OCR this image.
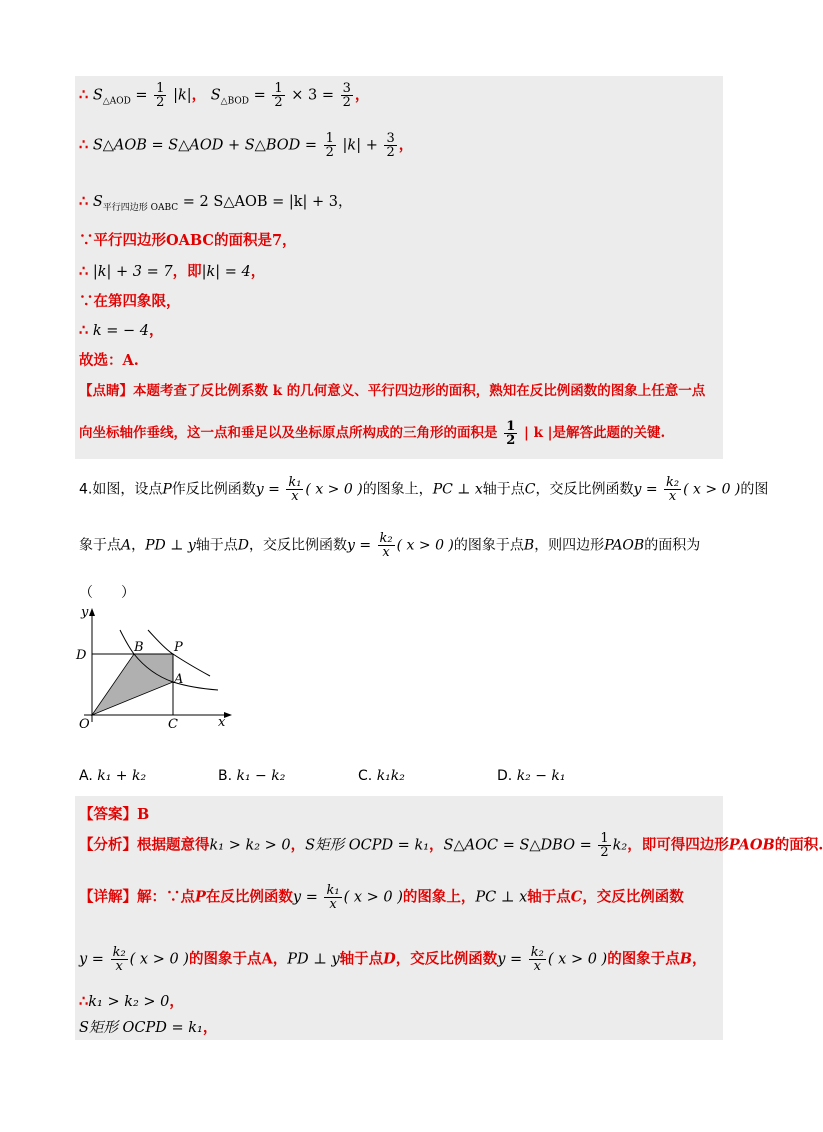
∴ $S_{\triangle AOD} = \frac{1}{2} |k|$， $S_{\triangle BOD} = \frac{1}{2} \times 3 = \frac{3}{2}$ ，
∴ S△AOB = S△AOD + S△BOD = $\frac{1}{2} |k| + \frac{3}{2}$ ，
∴ $S_{平行四边形 OABC} = 2$ S△AOB = |k| + 3，
∵平行四边形OABC的面积是7，
∴ |k| + 3 = 7，即|k| = 4，
∵在第四象限，
∴ k = − 4，
故选：A.
【点睛】本题考查了反比例系数 k 的几何意义、平行四边形的面积，熟知在反比例函数的图象上任意一点
向坐标轴作垂线，这一点和垂足以及坐标原点所构成的三角形的面积是 $\frac{1}{2}$ | k |是解答此题的关键.
4.如图，设点P作反比例函数$y = \frac{\text{k₁}}{x}$ ( x > 0 )的图象上，PC ⊥ x轴于点C，交反比例函数$y = \frac{\text{k₂}}{x}$ ( x > 0 )的图
象于点A，PD ⊥ y轴于点D，交反比例函数$y = \frac{\text{k₂}}{x}$ ( x > 0 )的图象于点B，则四边形PAOB的面积为
（　　）
y
x
O
D
B P
A
C
A. k₁ + k₂	B. k₁ − k₂	C. k₁k₂	D. k₂ − k₁
【答案】B
【分析】根据题意得k₁ > k₂ > 0，S矩形 OCPD = k₁，S△AOC = S△DBO = $\frac{1}{2} k_2$，即可得四边形PAOB的面积.
【详解】解：∵点P在反比例函数$y = \frac{\text{k₁}}{x}$ ( x > 0 )的图象上，PC ⊥ x轴于点C，交反比例函数
$y = \frac{\text{k₂}}{x}$ ( x > 0 )的图象于点A，PD ⊥ y轴于点D，交反比例函数$y = \frac{\text{k₂}}{x}$ ( x > 0 )的图象于点B，
∴k₁ > k₂ > 0，
S矩形 OCPD = k₁，
